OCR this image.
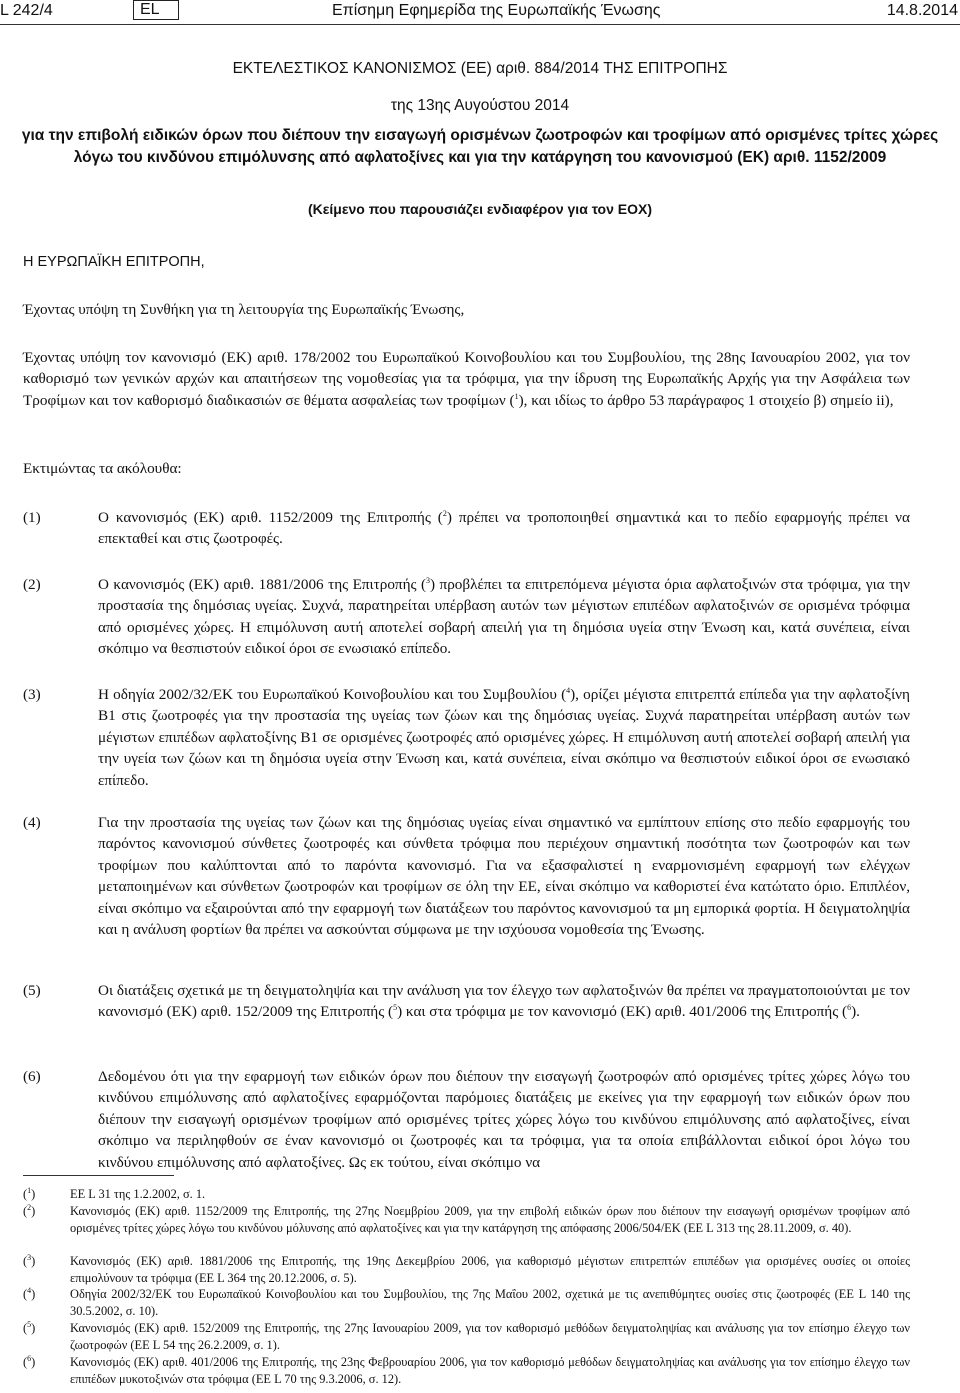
L 242/4	EL	Επίσημη Εφημερίδα της Ευρωπαϊκής Ένωσης	14.8.2014
ΕΚΤΕΛΕΣΤΙΚΟΣ ΚΑΝΟΝΙΣΜΟΣ (ΕΕ) αριθ. 884/2014 ΤΗΣ ΕΠΙΤΡΟΠΗΣ
της 13ης Αυγούστου 2014
για την επιβολή ειδικών όρων που διέπουν την εισαγωγή ορισμένων ζωοτροφών και τροφίμων από ορισμένες τρίτες χώρες λόγω του κινδύνου επιμόλυνσης από αφλατοξίνες και για την κατάργηση του κανονισμού (ΕΚ) αριθ. 1152/2009
(Κείμενο που παρουσιάζει ενδιαφέρον για τον ΕΟΧ)
Η ΕΥΡΩΠΑΪΚΗ ΕΠΙΤΡΟΠΗ,
Έχοντας υπόψη τη Συνθήκη για τη λειτουργία της Ευρωπαϊκής Ένωσης,
Έχοντας υπόψη τον κανονισμό (ΕΚ) αριθ. 178/2002 του Ευρωπαϊκού Κοινοβουλίου και του Συμβουλίου, της 28ης Ιανουαρίου 2002, για τον καθορισμό των γενικών αρχών και απαιτήσεων της νομοθεσίας για τα τρόφιμα, για την ίδρυση της Ευρωπαϊκής Αρχής για την Ασφάλεια των Τροφίμων και τον καθορισμό διαδικασιών σε θέματα ασφαλείας των τροφίμων ($^1$), και ιδίως το άρθρο 53 παράγραφος 1 στοιχείο β) σημείο ii),
Εκτιμώντας τα ακόλουθα:
(1)	Ο κανονισμός (ΕΚ) αριθ. 1152/2009 της Επιτροπής ($^2$) πρέπει να τροποποιηθεί σημαντικά και το πεδίο εφαρμογής πρέπει να επεκταθεί και στις ζωοτροφές.
(2)	Ο κανονισμός (ΕΚ) αριθ. 1881/2006 της Επιτροπής ($^3$) προβλέπει τα επιτρεπόμενα μέγιστα όρια αφλατοξινών στα τρόφιμα, για την προστασία της δημόσιας υγείας. Συχνά, παρατηρείται υπέρβαση αυτών των μέγιστων επιπέδων αφλατοξινών σε ορισμένα τρόφιμα από ορισμένες χώρες. Η επιμόλυνση αυτή αποτελεί σοβαρή απειλή για τη δημόσια υγεία στην Ένωση και, κατά συνέπεια, είναι σκόπιμο να θεσπιστούν ειδικοί όροι σε ενωσιακό επίπεδο.
(3)	Η οδηγία 2002/32/ΕΚ του Ευρωπαϊκού Κοινοβουλίου και του Συμβουλίου ($^4$), ορίζει μέγιστα επιτρεπτά επίπεδα για την αφλατοξίνη B1 στις ζωοτροφές για την προστασία της υγείας των ζώων και της δημόσιας υγείας. Συχνά παρατηρείται υπέρβαση αυτών των μέγιστων επιπέδων αφλατοξίνης B1 σε ορισμένες ζωοτροφές από ορισμένες χώρες. Η επιμόλυνση αυτή αποτελεί σοβαρή απειλή για την υγεία των ζώων και τη δημόσια υγεία στην Ένωση και, κατά συνέπεια, είναι σκόπιμο να θεσπιστούν ειδικοί όροι σε ενωσιακό επίπεδο.
(4)	Για την προστασία της υγείας των ζώων και της δημόσιας υγείας είναι σημαντικό να εμπίπτουν επίσης στο πεδίο εφαρμογής του παρόντος κανονισμού σύνθετες ζωοτροφές και σύνθετα τρόφιμα που περιέχουν σημαντική ποσότητα των ζωοτροφών και των τροφίμων που καλύπτονται από το παρόντα κανονισμό. Για να εξασφαλιστεί η εναρμονισμένη εφαρμογή των ελέγχων μεταποιημένων και σύνθετων ζωοτροφών και τροφίμων σε όλη την ΕΕ, είναι σκόπιμο να καθοριστεί ένα κατώτατο όριο. Επιπλέον, είναι σκόπιμο να εξαιρούνται από την εφαρμογή των διατάξεων του παρόντος κανονισμού τα μη εμπορικά φορτία. Η δειγματοληψία και η ανάλυση φορτίων θα πρέπει να ασκούνται σύμφωνα με την ισχύουσα νομοθεσία της Ένωσης.
(5)	Οι διατάξεις σχετικά με τη δειγματοληψία και την ανάλυση για τον έλεγχο των αφλατοξινών θα πρέπει να πραγματοποιούνται με τον κανονισμό (ΕΚ) αριθ. 152/2009 της Επιτροπής ($^5$) και στα τρόφιμα με τον κανονισμό (ΕΚ) αριθ. 401/2006 της Επιτροπής ($^6$).
(6)	Δεδομένου ότι για την εφαρμογή των ειδικών όρων που διέπουν την εισαγωγή ζωοτροφών από ορισμένες τρίτες χώρες λόγω του κινδύνου επιμόλυνσης από αφλατοξίνες εφαρμόζονται παρόμοιες διατάξεις με εκείνες για την εφαρμογή των ειδικών όρων που διέπουν την εισαγωγή ορισμένων τροφίμων από ορισμένες τρίτες χώρες λόγω του κινδύνου επιμόλυνσης από αφλατοξίνες, είναι σκόπιμο να περιληφθούν σε έναν κανονισμό οι ζωοτροφές και τα τρόφιμα, για τα οποία επιβάλλονται ειδικοί όροι λόγω του κινδύνου επιμόλυνσης από αφλατοξίνες. Ως εκ τούτου, είναι σκόπιμο να
($^1$)	ΕΕ L 31 της 1.2.2002, σ. 1.
($^2$)	Κανονισμός (ΕΚ) αριθ. 1152/2009 της Επιτροπής, της 27ης Νοεμβρίου 2009, για την επιβολή ειδικών όρων που διέπουν την εισαγωγή ορισμένων τροφίμων από ορισμένες τρίτες χώρες λόγω του κινδύνου μόλυνσης από αφλατοξίνες και για την κατάργηση της απόφασης 2006/504/ΕΚ (ΕΕ L 313 της 28.11.2009, σ. 40).
($^3$)	Κανονισμός (ΕΚ) αριθ. 1881/2006 της Επιτροπής, της 19ης Δεκεμβρίου 2006, για καθορισμό μέγιστων επιτρεπτών επιπέδων για ορισμένες ουσίες οι οποίες επιμολύνουν τα τρόφιμα (ΕΕ L 364 της 20.12.2006, σ. 5).
($^4$)	Οδηγία 2002/32/ΕΚ του Ευρωπαϊκού Κοινοβουλίου και του Συμβουλίου, της 7ης Μαΐου 2002, σχετικά με τις ανεπιθύμητες ουσίες στις ζωοτροφές (ΕΕ L 140 της 30.5.2002, σ. 10).
($^5$)	Κανονισμός (ΕΚ) αριθ. 152/2009 της Επιτροπής, της 27ης Ιανουαρίου 2009, για τον καθορισμό μεθόδων δειγματοληψίας και ανάλυσης για τον επίσημο έλεγχο των ζωοτροφών (ΕΕ L 54 της 26.2.2009, σ. 1).
($^6$)	Κανονισμός (ΕΚ) αριθ. 401/2006 της Επιτροπής, της 23ης Φεβρουαρίου 2006, για τον καθορισμό μεθόδων δειγματοληψίας και ανάλυσης για τον επίσημο έλεγχο των επιπέδων μυκοτοξινών στα τρόφιμα (ΕΕ L 70 της 9.3.2006, σ. 12).
